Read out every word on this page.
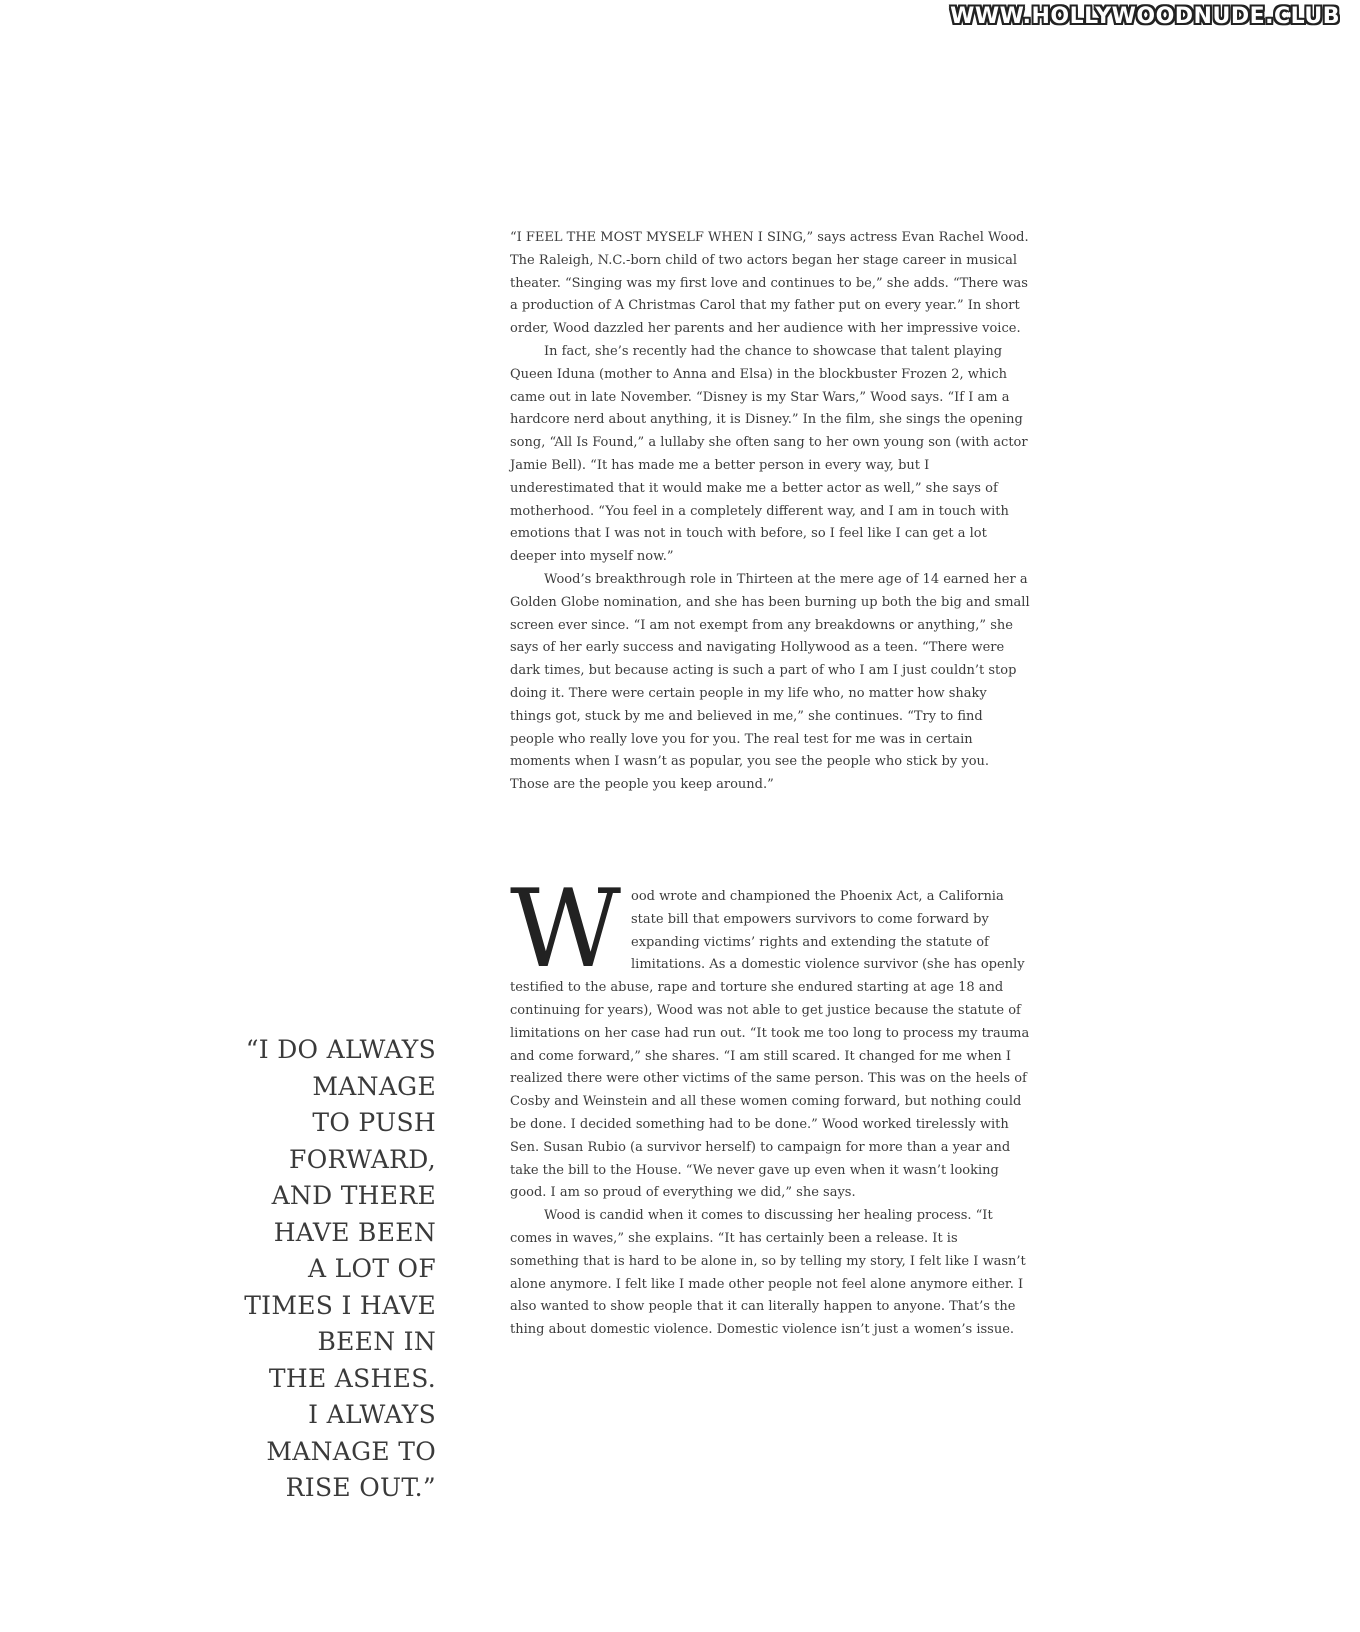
WWW.HOLLYWOODNUDE.CLUB

“I FEEL THE MOST MYSELF WHEN I SING,” says actress Evan Rachel Wood. The Raleigh, N.C.-born child of two actors began her stage career in musical theater. “Singing was my first love and continues to be,” she adds. “There was a production of A Christmas Carol that my father put on every year.” In short order, Wood dazzled her parents and her audience with her impressive voice.

In fact, she’s recently had the chance to showcase that talent playing Queen Iduna (mother to Anna and Elsa) in the blockbuster Frozen 2, which came out in late November. “Disney is my Star Wars,” Wood says. “If I am a hardcore nerd about anything, it is Disney.” In the film, she sings the opening song, “All Is Found,” a lullaby she often sang to her own young son (with actor Jamie Bell). “It has made me a better person in every way, but I underestimated that it would make me a better actor as well,” she says of motherhood. “You feel in a completely different way, and I am in touch with emotions that I was not in touch with before, so I feel like I can get a lot deeper into myself now.”

Wood’s breakthrough role in Thirteen at the mere age of 14 earned her a Golden Globe nomination, and she has been burning up both the big and small screen ever since. “I am not exempt from any breakdowns or anything,” she says of her early success and navigating Hollywood as a teen. “There were dark times, but because acting is such a part of who I am I just couldn’t stop doing it. There were certain people in my life who, no matter how shaky things got, stuck by me and believed in me,” she continues. “Try to find people who really love you for you. The real test for me was in certain moments when I wasn’t as popular, you see the people who stick by you. Those are the people you keep around.”

Wood wrote and championed the Phoenix Act, a California state bill that empowers survivors to come forward by expanding victims’ rights and extending the statute of limitations. As a domestic violence survivor (she has openly testified to the abuse, rape and torture she endured starting at age 18 and continuing for years), Wood was not able to get justice because the statute of limitations on her case had run out. “It took me too long to process my trauma and come forward,” she shares. “I am still scared. It changed for me when I realized there were other victims of the same person. This was on the heels of Cosby and Weinstein and all these women coming forward, but nothing could be done. I decided something had to be done.” Wood worked tirelessly with Sen. Susan Rubio (a survivor herself) to campaign for more than a year and take the bill to the House. “We never gave up even when it wasn’t looking good. I am so proud of everything we did,” she says.

Wood is candid when it comes to discussing her healing process. “It comes in waves,” she explains. “It has certainly been a release. It is something that is hard to be alone in, so by telling my story, I felt like I wasn’t alone anymore. I felt like I made other people not feel alone anymore either. I also wanted to show people that it can literally happen to anyone. That’s the thing about domestic violence. Domestic violence isn’t just a women’s issue.

“I DO ALWAYS
MANAGE
TO PUSH
FORWARD,
AND THERE
HAVE BEEN
A LOT OF
TIMES I HAVE
BEEN IN
THE ASHES.
I ALWAYS
MANAGE TO
RISE OUT.”
